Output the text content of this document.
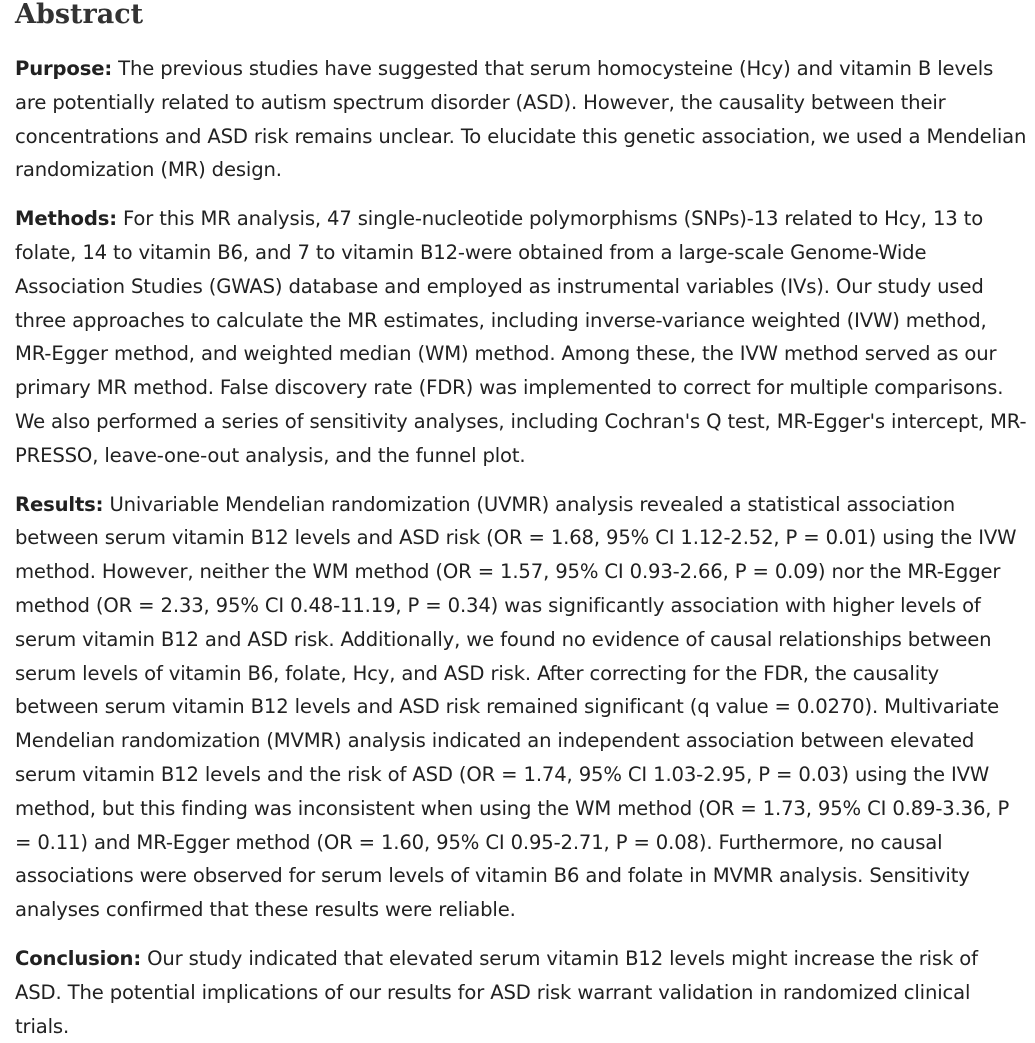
Abstract

Purpose: The previous studies have suggested that serum homocysteine (Hcy) and vitamin B levels are potentially related to autism spectrum disorder (ASD). However, the causality between their concentrations and ASD risk remains unclear. To elucidate this genetic association, we used a Mendelian randomization (MR) design.

Methods: For this MR analysis, 47 single-nucleotide polymorphisms (SNPs)-13 related to Hcy, 13 to folate, 14 to vitamin B6, and 7 to vitamin B12-were obtained from a large-scale Genome-Wide Association Studies (GWAS) database and employed as instrumental variables (IVs). Our study used three approaches to calculate the MR estimates, including inverse-variance weighted (IVW) method, MR-Egger method, and weighted median (WM) method. Among these, the IVW method served as our primary MR method. False discovery rate (FDR) was implemented to correct for multiple comparisons. We also performed a series of sensitivity analyses, including Cochran's Q test, MR-Egger's intercept, MR-PRESSO, leave-one-out analysis, and the funnel plot.

Results: Univariable Mendelian randomization (UVMR) analysis revealed a statistical association between serum vitamin B12 levels and ASD risk (OR = 1.68, 95% CI 1.12-2.52, P = 0.01) using the IVW method. However, neither the WM method (OR = 1.57, 95% CI 0.93-2.66, P = 0.09) nor the MR-Egger method (OR = 2.33, 95% CI 0.48-11.19, P = 0.34) was significantly association with higher levels of serum vitamin B12 and ASD risk. Additionally, we found no evidence of causal relationships between serum levels of vitamin B6, folate, Hcy, and ASD risk. After correcting for the FDR, the causality between serum vitamin B12 levels and ASD risk remained significant (q value = 0.0270). Multivariate Mendelian randomization (MVMR) analysis indicated an independent association between elevated serum vitamin B12 levels and the risk of ASD (OR = 1.74, 95% CI 1.03-2.95, P = 0.03) using the IVW method, but this finding was inconsistent when using the WM method (OR = 1.73, 95% CI 0.89-3.36, P = 0.11) and MR-Egger method (OR = 1.60, 95% CI 0.95-2.71, P = 0.08). Furthermore, no causal associations were observed for serum levels of vitamin B6 and folate in MVMR analysis. Sensitivity analyses confirmed that these results were reliable.

Conclusion: Our study indicated that elevated serum vitamin B12 levels might increase the risk of ASD. The potential implications of our results for ASD risk warrant validation in randomized clinical trials.
